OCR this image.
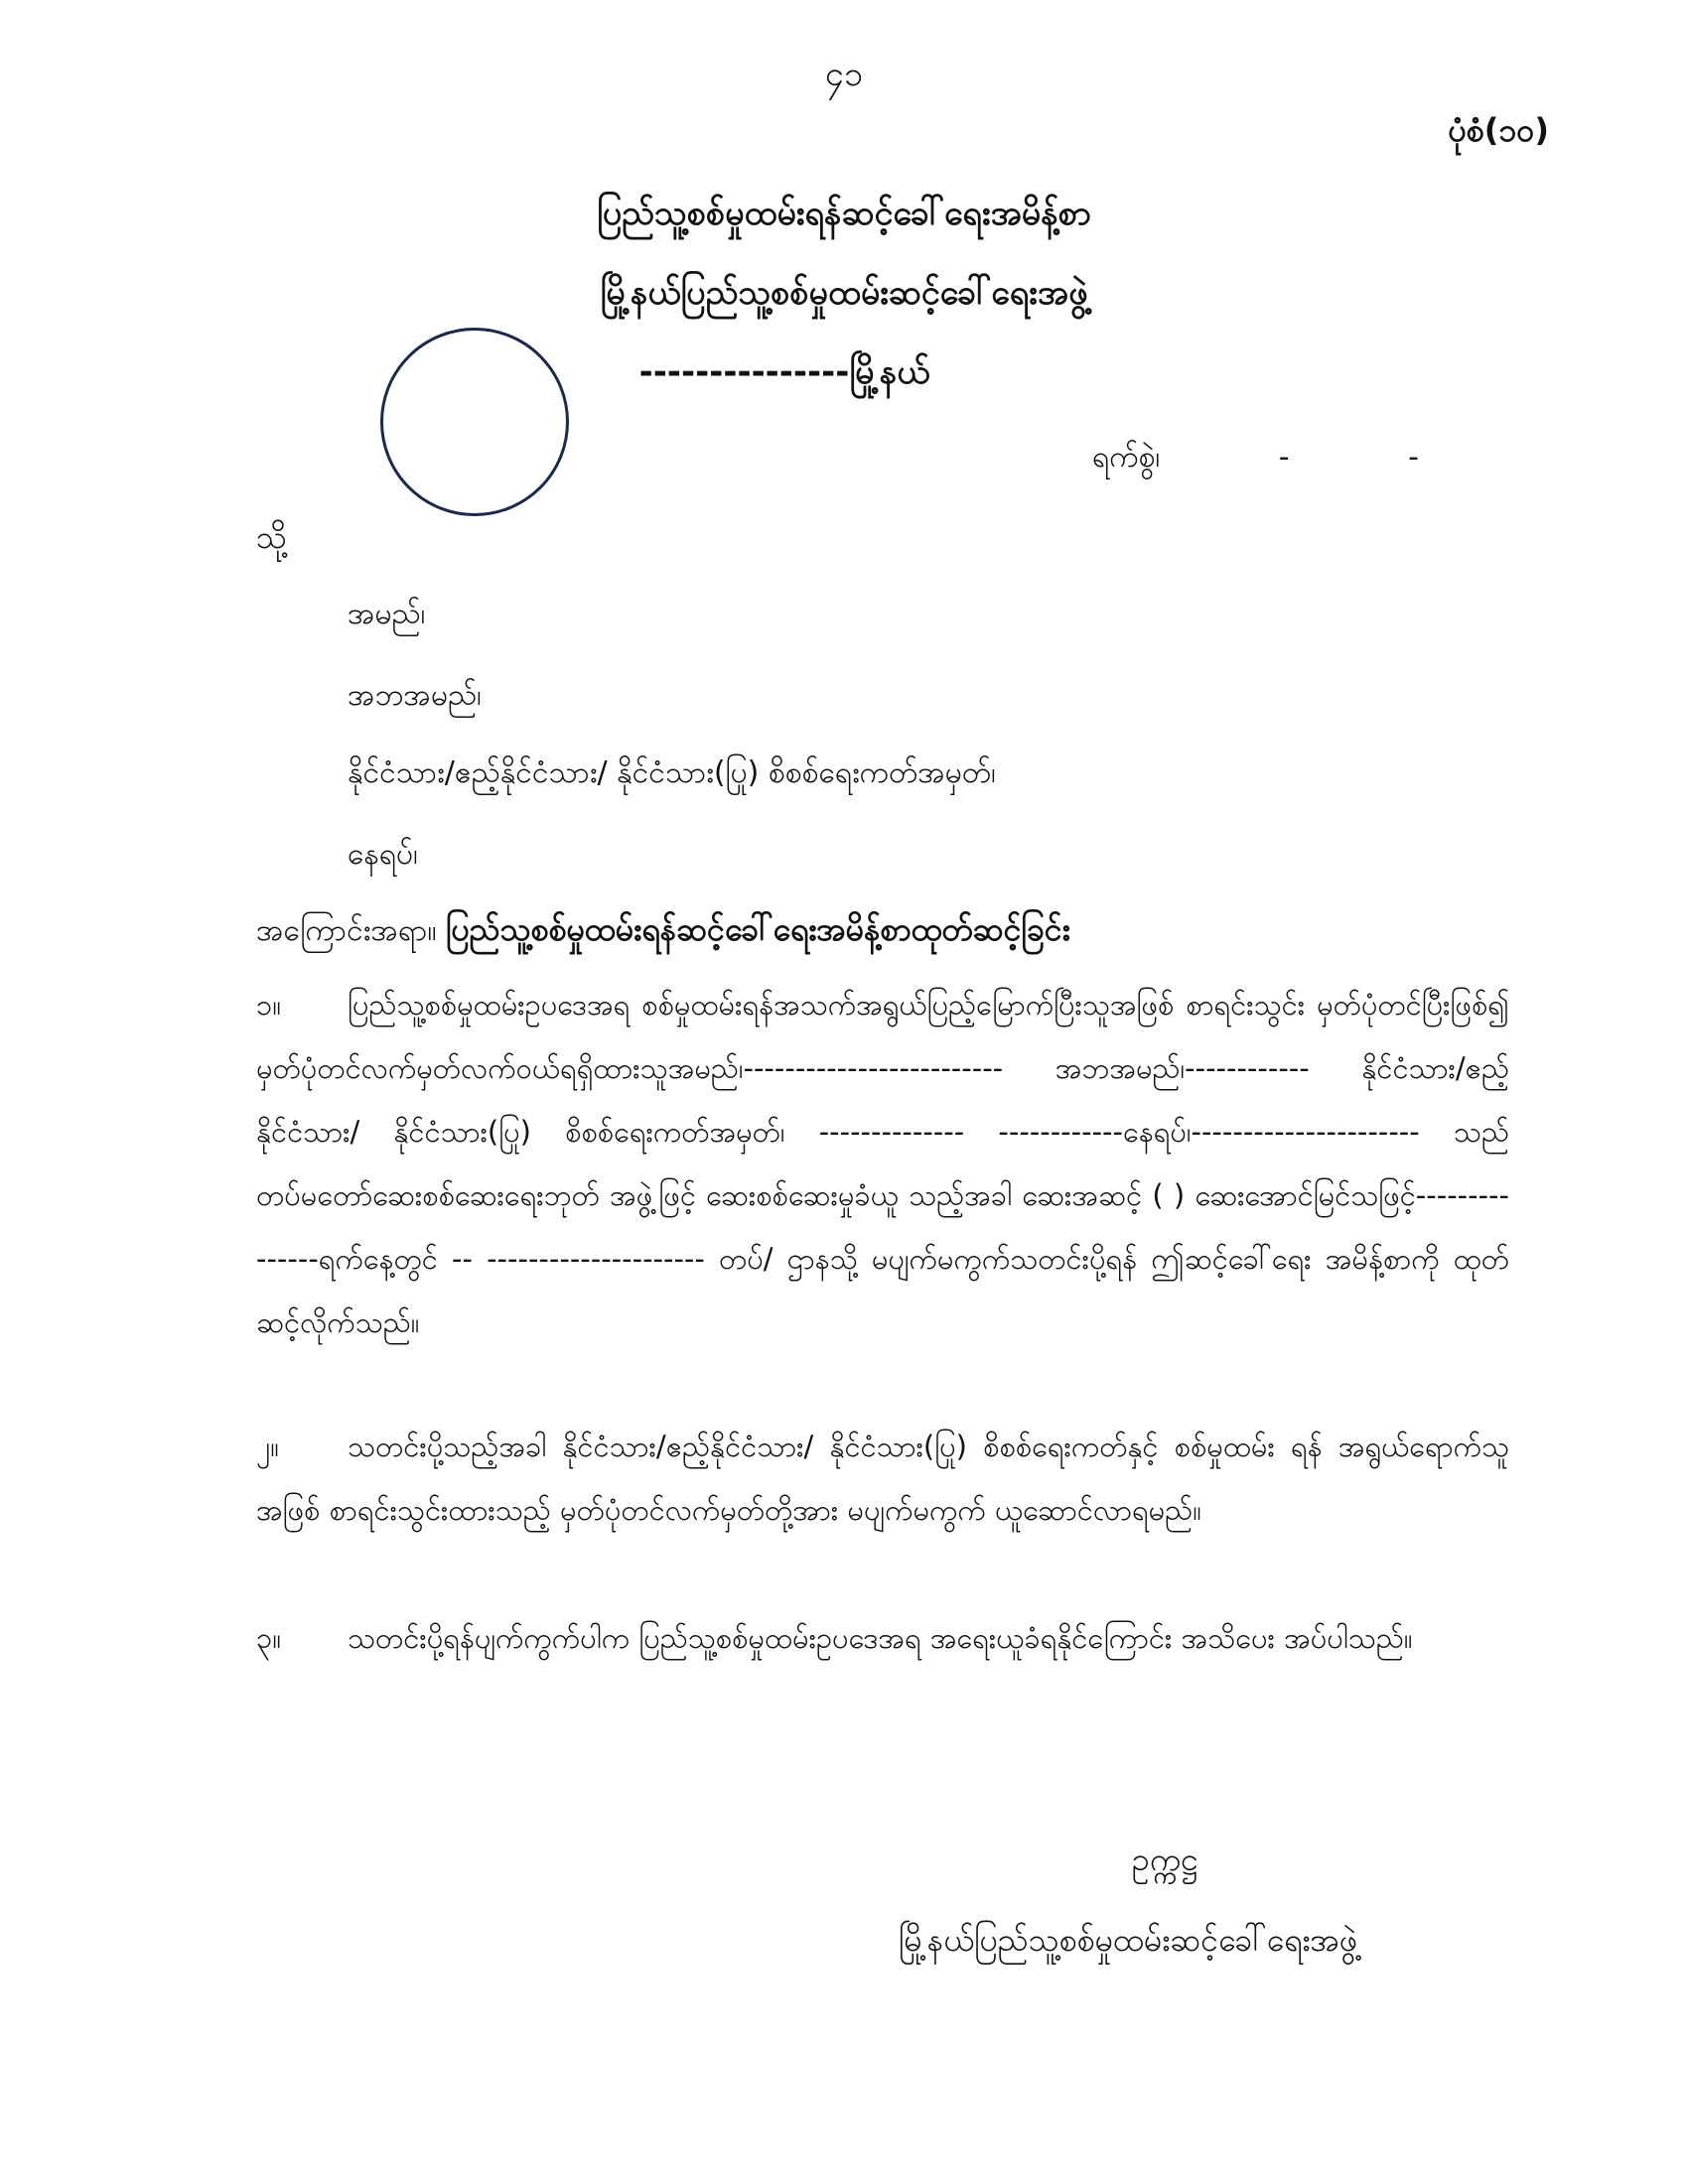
၄၁
ပုံစံ(၁၀)
ပြည်သူ့စစ်မှုထမ်းရန်ဆင့်ခေါ်ရေးအမိန့်စာ
မြို့နယ်ပြည်သူ့စစ်မှုထမ်းဆင့်ခေါ်ရေးအဖွဲ့
---------------မြို့နယ်
ရက်စွဲ၊	-	-
သို့
အမည်၊
အဘအမည်၊
နိုင်ငံသား/ဧည့်နိုင်ငံသား/ နိုင်ငံသား(ပြု) စိစစ်ရေးကတ်အမှတ်၊
နေရပ်၊
အကြောင်းအရာ။ ပြည်သူ့စစ်မှုထမ်းရန်ဆင့်ခေါ်ရေးအမိန့်စာထုတ်ဆင့်ခြင်း
၁။ ပြည်သူ့စစ်မှုထမ်းဥပဒေအရ စစ်မှုထမ်းရန်အသက်အရွယ်ပြည့်မြောက်ပြီးသူအဖြစ် စာရင်းသွင်း မှတ်ပုံတင်ပြီးဖြစ်၍ မှတ်ပုံတင်လက်မှတ်လက်ဝယ်ရရှိထားသူအမည်၊------------------------- အဘအမည်၊------------ နိုင်ငံသား/ဧည့်နိုင်ငံသား/ နိုင်ငံသား(ပြု) စိစစ်ရေးကတ်အမှတ်၊ -------------- ------------နေရပ်၊---------------------- သည် တပ်မတော်ဆေးစစ်ဆေးရေးဘုတ် အဖွဲ့ဖြင့် ဆေးစစ်ဆေးမှုခံယူ သည့်အခါ ဆေးအဆင့် ( ) ဆေးအောင်မြင်သဖြင့်---------------ရက်နေ့တွင် -- --------------------- တပ်/ ဌာနသို့ မပျက်မကွက်သတင်းပို့ရန် ဤဆင့်ခေါ်ရေး အမိန့်စာကို ထုတ်ဆင့်လိုက်သည်။
၂။ သတင်းပို့သည့်အခါ နိုင်ငံသား/ဧည့်နိုင်ငံသား/ နိုင်ငံသား(ပြု) စိစစ်ရေးကတ်နှင့် စစ်မှုထမ်း ရန် အရွယ်ရောက်သူအဖြစ် စာရင်းသွင်းထားသည့် မှတ်ပုံတင်လက်မှတ်တို့အား မပျက်မကွက် ယူဆောင်လာရမည်။
၃။ သတင်းပို့ရန်ပျက်ကွက်ပါက ပြည်သူ့စစ်မှုထမ်းဥပဒေအရ အရေးယူခံရနိုင်ကြောင်း အသိပေး အပ်ပါသည်။
ဥက္ကဋ္ဌ
မြို့နယ်ပြည်သူ့စစ်မှုထမ်းဆင့်ခေါ်ရေးအဖွဲ့
